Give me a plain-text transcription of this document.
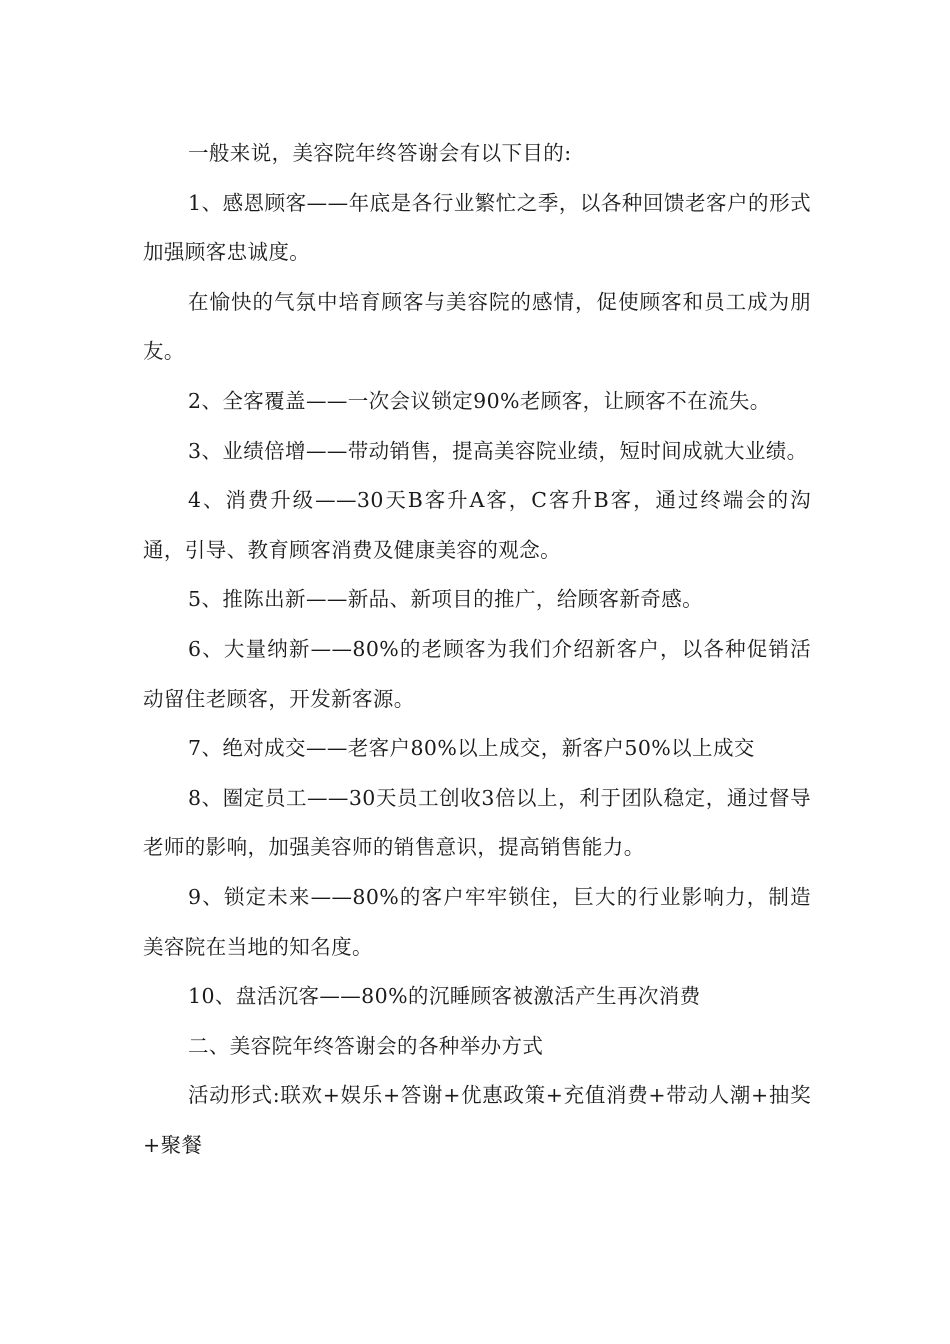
一般来说，美容院年终答谢会有以下目的:

1、感恩顾客——年底是各行业繁忙之季，以各种回馈老客户的形式加强顾客忠诚度。

在愉快的气氛中培育顾客与美容院的感情，促使顾客和员工成为朋友。

2、全客覆盖——一次会议锁定90%老顾客，让顾客不在流失。

3、业绩倍增——带动销售，提高美容院业绩，短时间成就大业绩。

4、消费升级——30天B客升A客，C客升B客，通过终端会的沟通，引导、教育顾客消费及健康美容的观念。

5、推陈出新——新品、新项目的推广，给顾客新奇感。

6、大量纳新——80%的老顾客为我们介绍新客户，以各种促销活动留住老顾客，开发新客源。

7、绝对成交——老客户80%以上成交，新客户50%以上成交

8、圈定员工——30天员工创收3倍以上，利于团队稳定，通过督导老师的影响，加强美容师的销售意识，提高销售能力。

9、锁定未来——80%的客户牢牢锁住，巨大的行业影响力，制造美容院在当地的知名度。

10、盘活沉客——80%的沉睡顾客被激活产生再次消费

二、美容院年终答谢会的各种举办方式

活动形式:联欢+娱乐+答谢+优惠政策+充值消费+带动人潮+抽奖+聚餐
